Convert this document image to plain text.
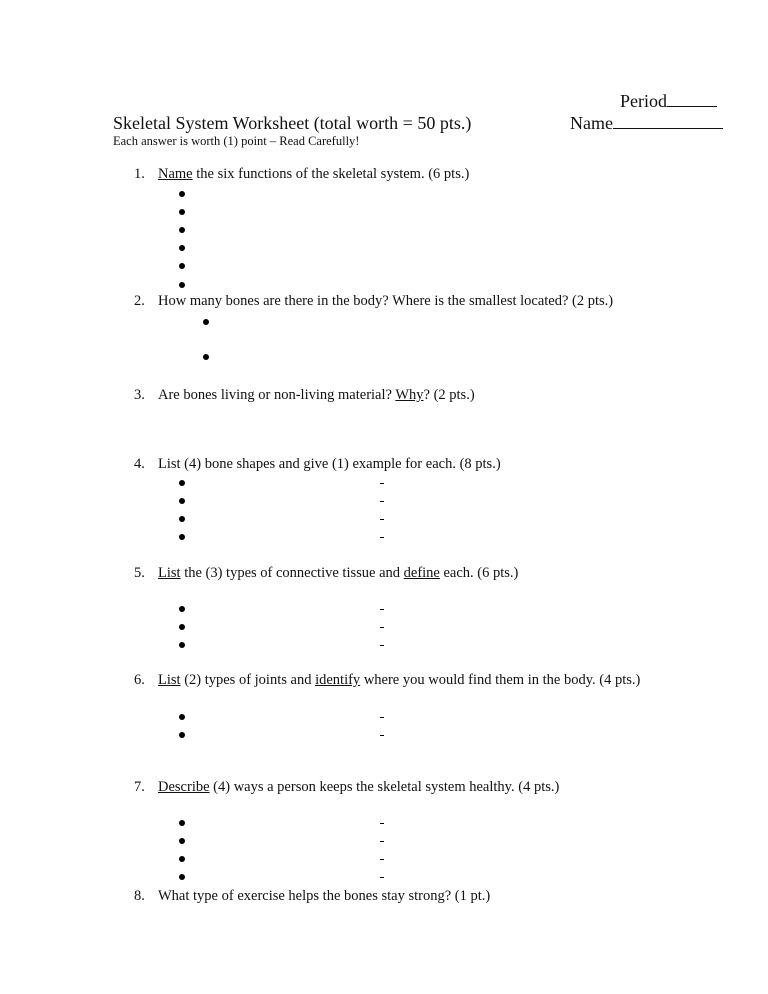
Period
Name
Skeletal System Worksheet (total worth = 50 pts.)
Each answer is worth (1) point – Read Carefully!
1. Name the six functions of the skeletal system. (6 pts.)
2. How many bones are there in the body? Where is the smallest located? (2 pts.)
3. Are bones living or non-living material? Why? (2 pts.)
4. List (4) bone shapes and give (1) example for each. (8 pts.)
5. List the (3) types of connective tissue and define each. (6 pts.)
6. List (2) types of joints and identify where you would find them in the body. (4 pts.)
7. Describe (4) ways a person keeps the skeletal system healthy. (4 pts.)
8. What type of exercise helps the bones stay strong? (1 pt.)
